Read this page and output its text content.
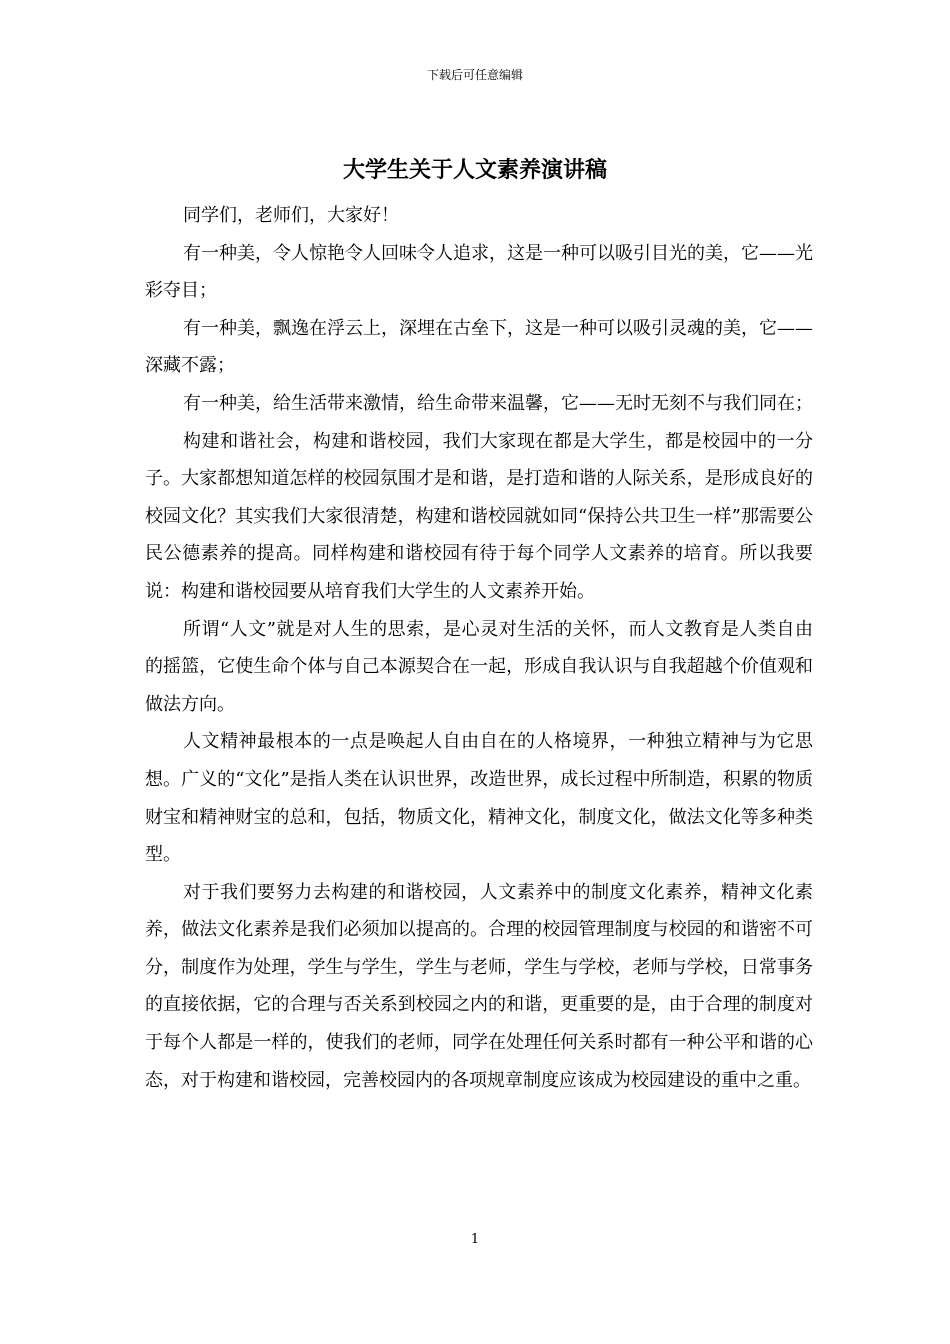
下载后可任意编辑
大学生关于人文素养演讲稿

同学们，老师们，大家好！

有一种美，令人惊艳令人回味令人追求，这是一种可以吸引目光的美，它——光彩夺目；

有一种美，飘逸在浮云上，深埋在古垒下，这是一种可以吸引灵魂的美，它——深藏不露；

有一种美，给生活带来激情，给生命带来温馨，它——无时无刻不与我们同在；

构建和谐社会，构建和谐校园，我们大家现在都是大学生，都是校园中的一分子。大家都想知道怎样的校园氛围才是和谐，是打造和谐的人际关系，是形成良好的校园文化？其实我们大家很清楚，构建和谐校园就如同“保持公共卫生一样”那需要公民公德素养的提高。同样构建和谐校园有待于每个同学人文素养的培育。所以我要说：构建和谐校园要从培育我们大学生的人文素养开始。

所谓“人文”就是对人生的思索，是心灵对生活的关怀，而人文教育是人类自由的摇篮，它使生命个体与自己本源契合在一起，形成自我认识与自我超越个价值观和做法方向。

人文精神最根本的一点是唤起人自由自在的人格境界，一种独立精神与为它思想。广义的“文化”是指人类在认识世界，改造世界，成长过程中所制造，积累的物质财宝和精神财宝的总和，包括，物质文化，精神文化，制度文化，做法文化等多种类型。

对于我们要努力去构建的和谐校园，人文素养中的制度文化素养，精神文化素养，做法文化素养是我们必须加以提高的。合理的校园管理制度与校园的和谐密不可分，制度作为处理，学生与学生，学生与老师，学生与学校，老师与学校，日常事务的直接依据，它的合理与否关系到校园之内的和谐，更重要的是，由于合理的制度对于每个人都是一样的，使我们的老师，同学在处理任何关系时都有一种公平和谐的心态，对于构建和谐校园，完善校园内的各项规章制度应该成为校园建设的重中之重。

1
